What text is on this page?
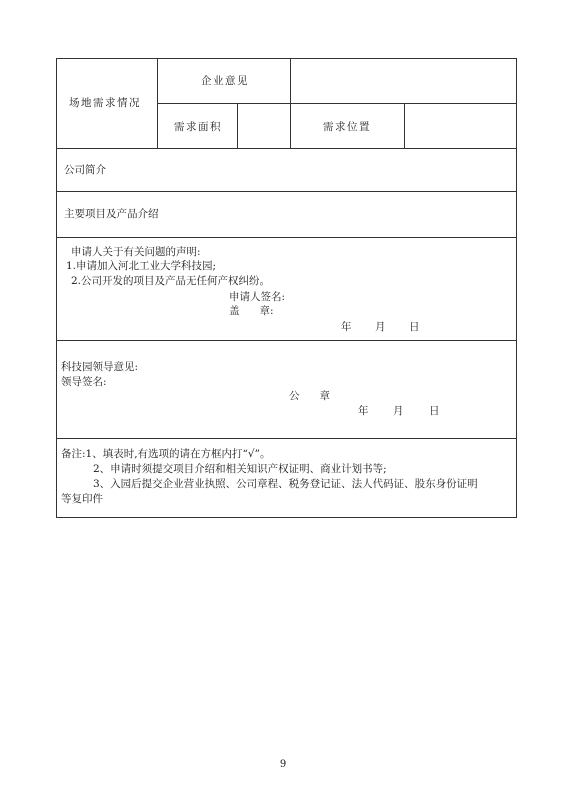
场地需求情况
企业意见
需求面积	需求位置
公司简介
主要项目及产品介绍
申请人关于有关问题的声明:
1.申请加入河北工业大学科技园;
2.公司开发的项目及产品无任何产权纠纷。
申请人签名:
盖      章:
年 月 日
科技园领导意见:
领导签名:
公      章
年 月 日
备注:1、填表时,有选项的请在方框内打“√”。
2、申请时须提交项目介绍和相关知识产权证明、商业计划书等;
3、入园后提交企业营业执照、公司章程、税务登记证、法人代码证、股东身份证明
等复印件
9
